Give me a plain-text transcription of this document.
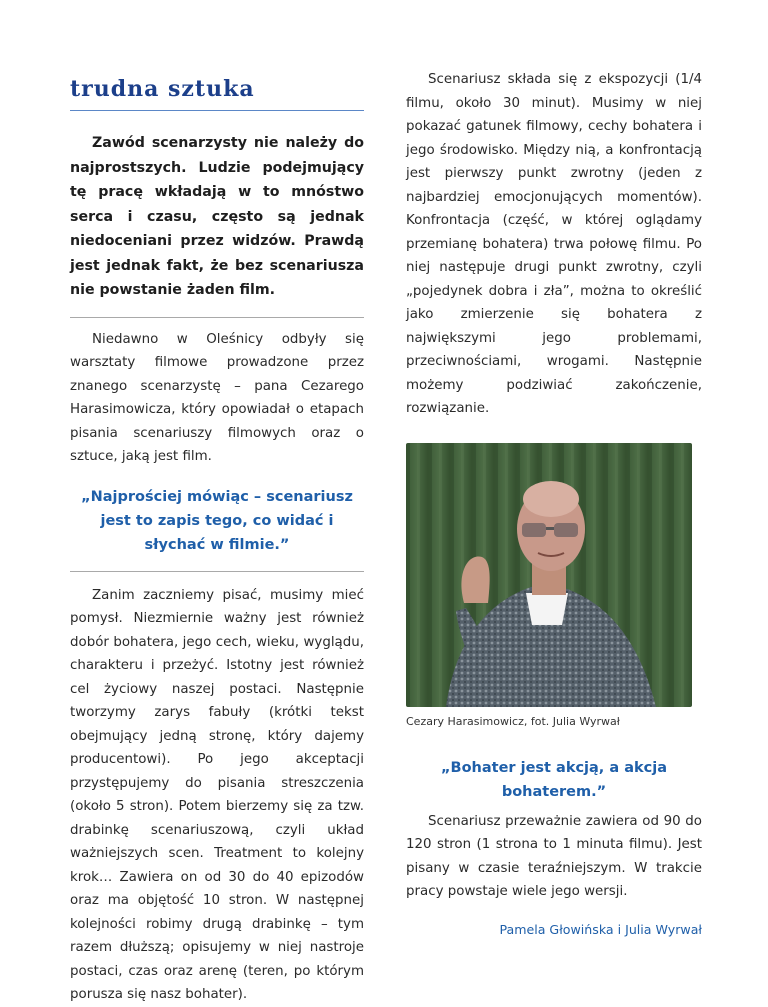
trudna sztuka

Zawód scenarzysty nie należy do najprostszych. Ludzie podejmujący tę pracę wkładają w to mnóstwo serca i czasu, często są jednak niedoceniani przez widzów. Prawdą jest jednak fakt, że bez scenariusza nie powstanie żaden film.

Niedawno w Oleśnicy odbyły się warsztaty filmowe prowadzone przez znanego scenarzystę – pana Cezarego Harasimowicza, który opowiadał o etapach pisania scenariuszy filmowych oraz o sztuce, jaką jest film.

„Najprościej mówiąc – scenariusz jest to zapis tego, co widać i słychać w filmie.”

Zanim zaczniemy pisać, musimy mieć pomysł. Niezmiernie ważny jest również dobór bohatera, jego cech, wieku, wyglądu, charakteru i przeżyć. Istotny jest również cel życiowy naszej postaci. Następnie tworzymy zarys fabuły (krótki tekst obejmujący jedną stronę, który dajemy producentowi). Po jego akceptacji przystępujemy do pisania streszczenia (około 5 stron). Potem bierzemy się za tzw. drabinkę scenariuszową, czyli układ ważniejszych scen. Treatment to kolejny krok… Zawiera on od 30 do 40 epizodów oraz ma objętość 10 stron. W następnej kolejności robimy drugą drabinkę – tym razem dłuższą; opisujemy w niej nastroje postaci, czas oraz arenę (teren, po którym porusza się nasz bohater).

Scenariusz składa się z ekspozycji (1/4 filmu, około 30 minut). Musimy w niej pokazać gatunek filmowy, cechy bohatera i jego środowisko. Między nią, a konfrontacją jest pierwszy punkt zwrotny (jeden z najbardziej emocjonujących momentów). Konfrontacja (część, w której oglądamy przemianę bohatera) trwa połowę filmu. Po niej następuje drugi punkt zwrotny, czyli „pojedynek dobra i zła”, można to określić jako zmierzenie się bohatera z największymi jego problemami, przeciwnościami, wrogami. Następnie możemy podziwiać zakończenie, rozwiązanie.

Cezary Harasimowicz, fot. Julia Wyrwał
„Bohater jest akcją, a akcja bohaterem.”

Scenariusz przeważnie zawiera od 90 do 120 stron (1 strona to 1 minuta filmu). Jest pisany w czasie teraźniejszym. W trakcie pracy powstaje wiele jego wersji.

Pamela Głowińska i Julia Wyrwał
